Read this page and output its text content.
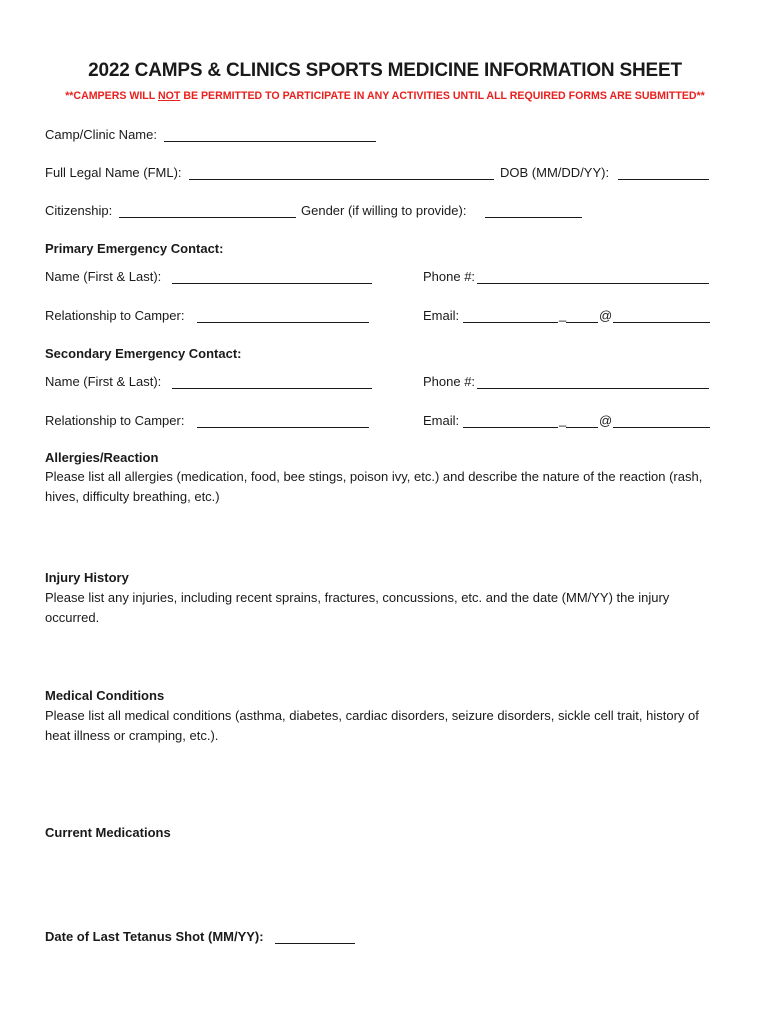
2022 CAMPS & CLINICS SPORTS MEDICINE INFORMATION SHEET
**CAMPERS WILL NOT BE PERMITTED TO PARTICIPATE IN ANY ACTIVITIES UNTIL ALL REQUIRED FORMS ARE SUBMITTED**
Camp/Clinic Name:
Full Legal Name (FML):	DOB (MM/DD/YY):
Citizenship:	Gender (if willing to provide):
Primary Emergency Contact:
Name (First & Last):	Phone #:
Relationship to Camper:	Email:	_	@
Secondary Emergency Contact:
Name (First & Last):	Phone #:
Relationship to Camper:	Email:	_	@
Allergies/Reaction
Please list all allergies (medication, food, bee stings, poison ivy, etc.) and describe the nature of the reaction (rash, hives, difficulty breathing, etc.)
Injury History
Please list any injuries, including recent sprains, fractures, concussions, etc. and the date (MM/YY) the injury occurred.
Medical Conditions
Please list all medical conditions (asthma, diabetes, cardiac disorders, seizure disorders, sickle cell trait, history of heat illness or cramping, etc.).
Current Medications
Date of Last Tetanus Shot (MM/YY):
